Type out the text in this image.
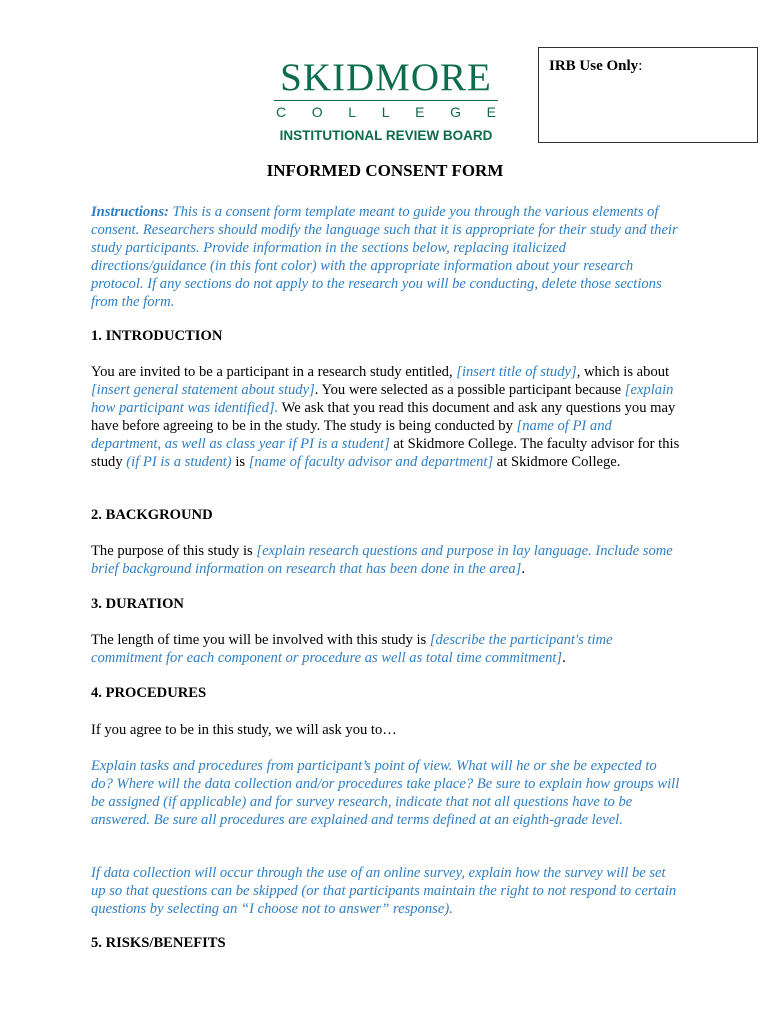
SKIDMORE
C O L L E G E
INSTITUTIONAL REVIEW BOARD
IRB Use Only:
INFORMED CONSENT FORM
Instructions: This is a consent form template meant to guide you through the various elements of consent. Researchers should modify the language such that it is appropriate for their study and their study participants. Provide information in the sections below, replacing italicized directions/guidance (in this font color) with the appropriate information about your research protocol. If any sections do not apply to the research you will be conducting, delete those sections from the form.
1. INTRODUCTION
You are invited to be a participant in a research study entitled, [insert title of study], which is about [insert general statement about study]. You were selected as a possible participant because [explain how participant was identified]. We ask that you read this document and ask any questions you may have before agreeing to be in the study. The study is being conducted by [name of PI and department, as well as class year if PI is a student] at Skidmore College. The faculty advisor for this study (if PI is a student) is [name of faculty advisor and department] at Skidmore College.
2. BACKGROUND
The purpose of this study is [explain research questions and purpose in lay language. Include some brief background information on research that has been done in the area].
3. DURATION
The length of time you will be involved with this study is [describe the participant's time commitment for each component or procedure as well as total time commitment].
4. PROCEDURES
If you agree to be in this study, we will ask you to…
Explain tasks and procedures from participant’s point of view. What will he or she be expected to do? Where will the data collection and/or procedures take place? Be sure to explain how groups will be assigned (if applicable) and for survey research, indicate that not all questions have to be answered. Be sure all procedures are explained and terms defined at an eighth-grade level.
If data collection will occur through the use of an online survey, explain how the survey will be set up so that questions can be skipped (or that participants maintain the right to not respond to certain questions by selecting an “I choose not to answer” response).
5. RISKS/BENEFITS
